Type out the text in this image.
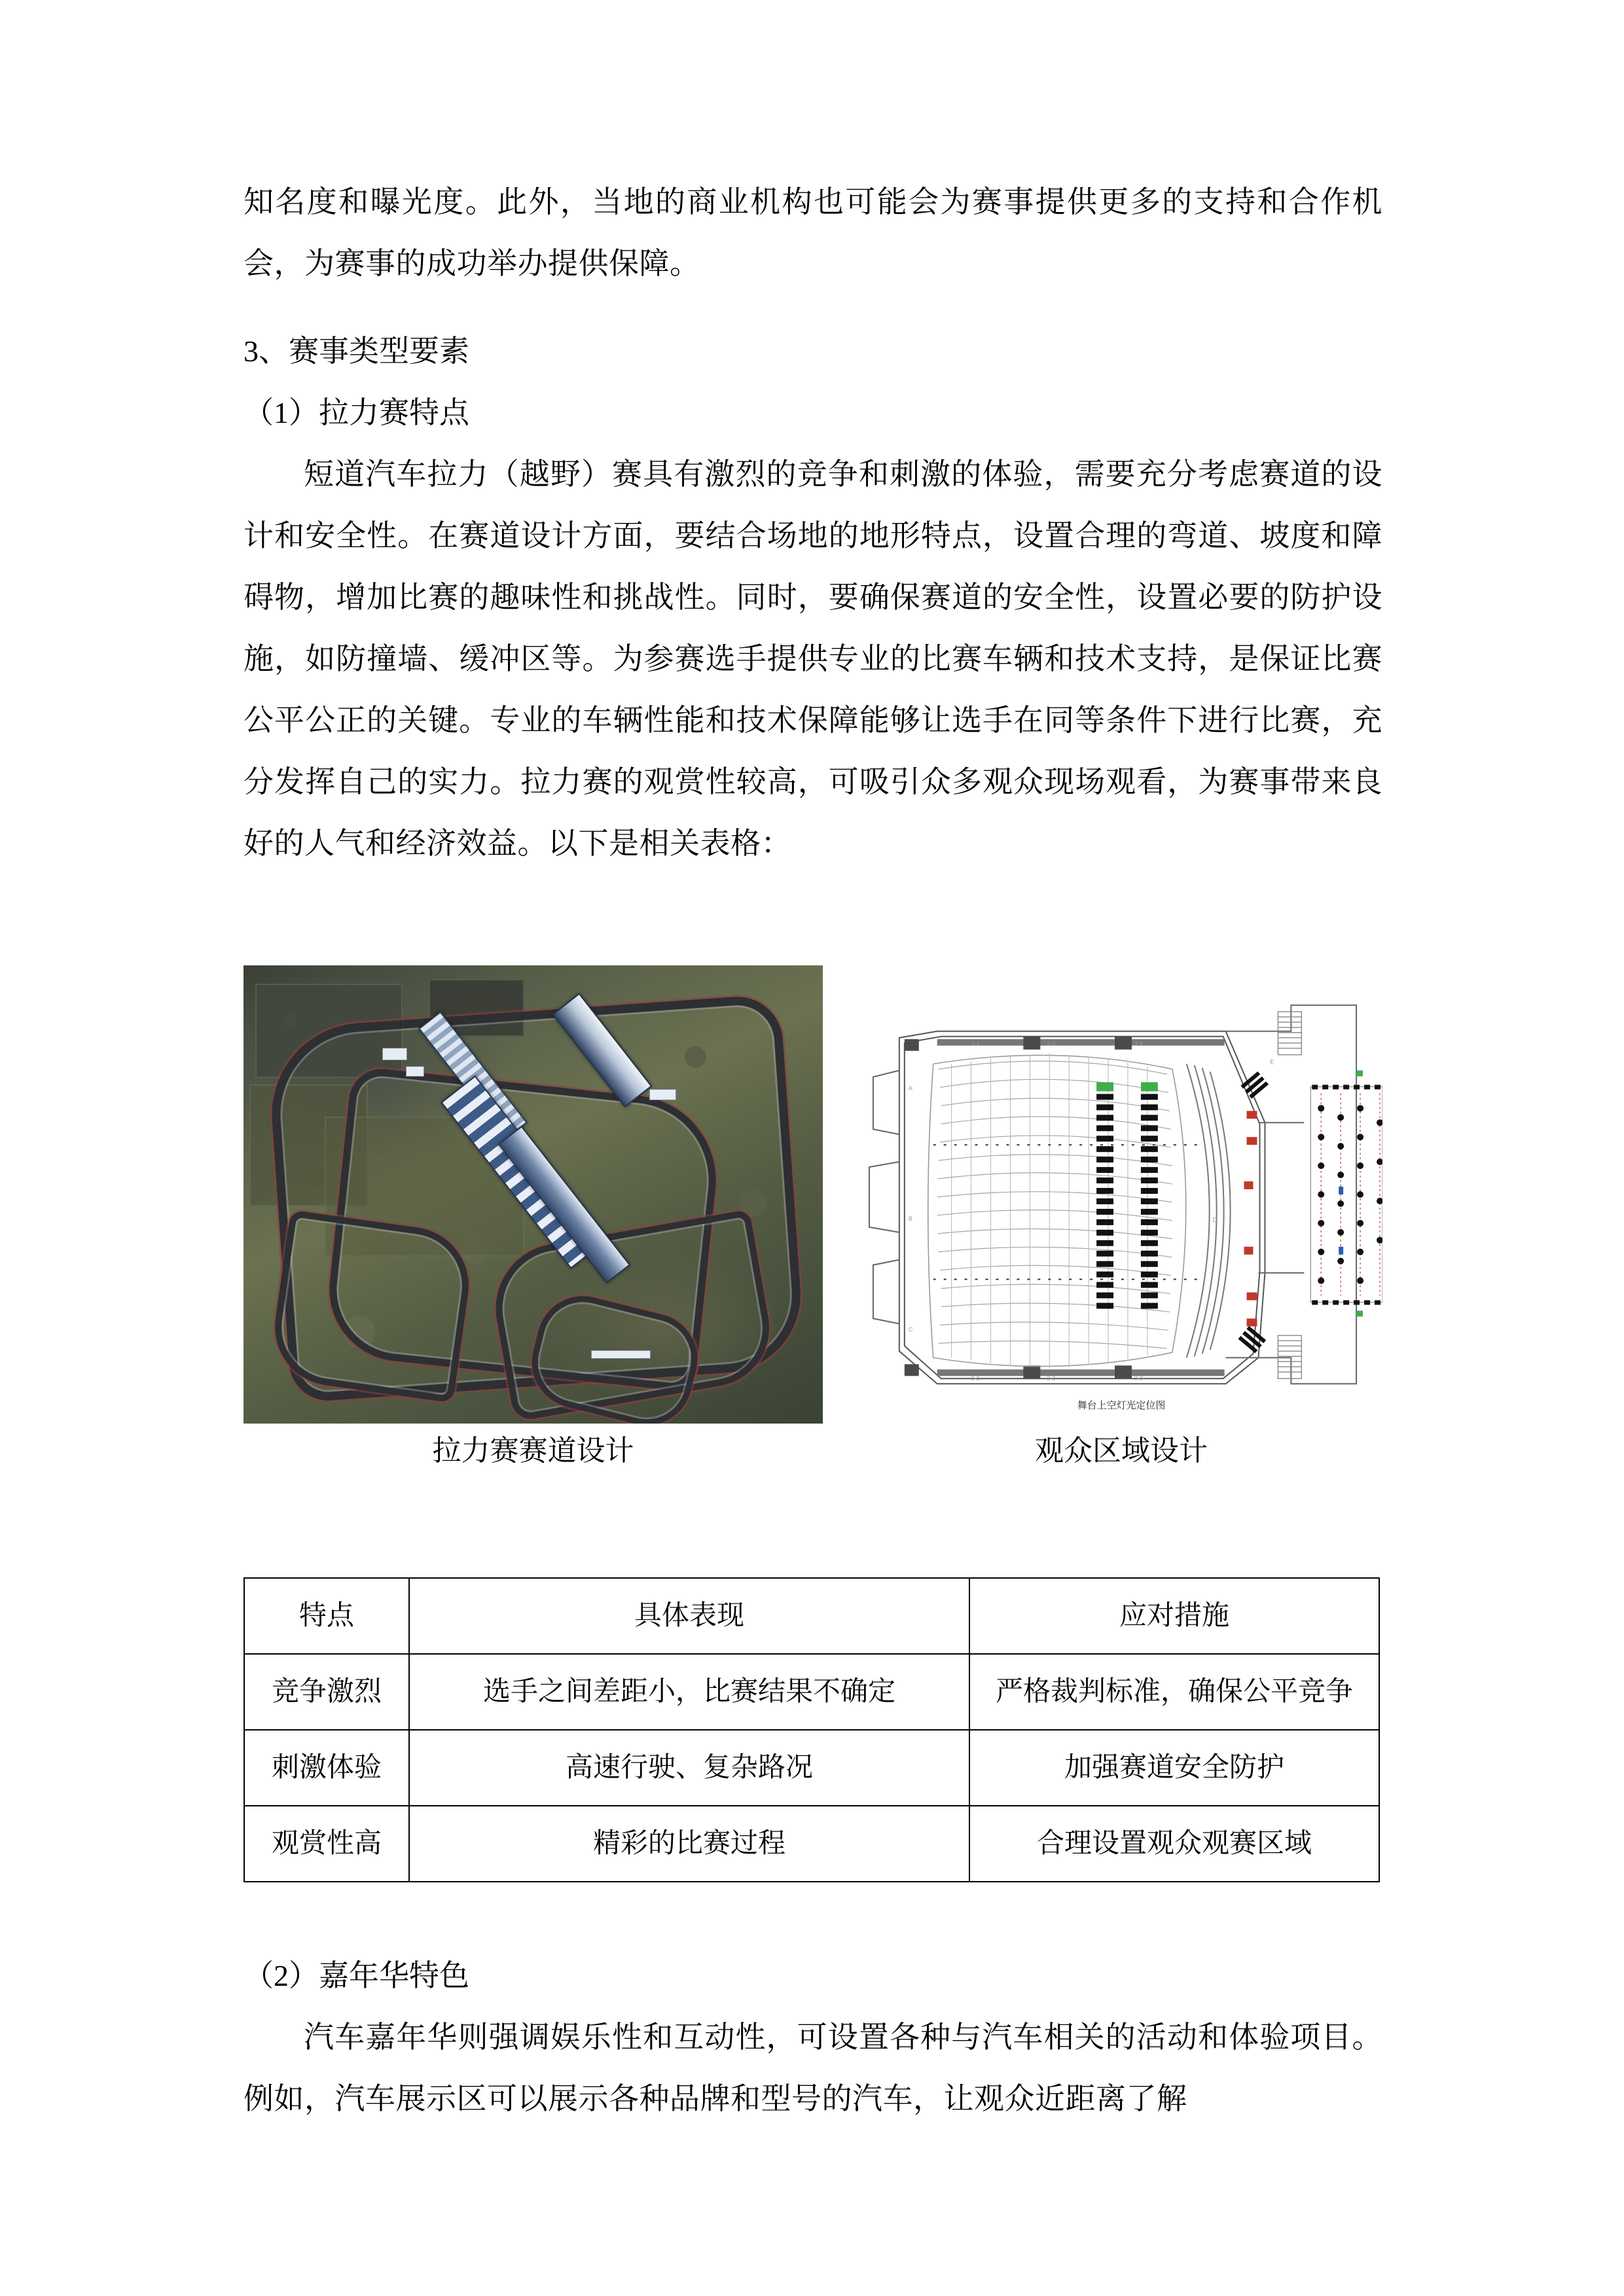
知名度和曝光度。此外，当地的商业机构也可能会为赛事提供更多的支持和合作机会，为赛事的成功举办提供保障。

3、赛事类型要素

（1）拉力赛特点

短道汽车拉力（越野）赛具有激烈的竞争和刺激的体验，需要充分考虑赛道的设计和安全性。在赛道设计方面，要结合场地的地形特点，设置合理的弯道、坡度和障碍物，增加比赛的趣味性和挑战性。同时，要确保赛道的安全性，设置必要的防护设施，如防撞墙、缓冲区等。为参赛选手提供专业的比赛车辆和技术支持，是保证比赛公平公正的关键。专业的车辆性能和技术保障能够让选手在同等条件下进行比赛，充分发挥自己的实力。拉力赛的观赏性较高，可吸引众多观众现场观看，为赛事带来良好的人气和经济效益。以下是相关表格：

拉力赛赛道设计
1-1	2-2	3-3
1-1	2-2	3-3
A
B
C
D
E
舞台上空灯光定位图
观众区域设计
特点	具体表现	应对措施
竞争激烈	选手之间差距小，比赛结果不确定	严格裁判标准，确保公平竞争
刺激体验	高速行驶、复杂路况	加强赛道安全防护
观赏性高	精彩的比赛过程	合理设置观众观赛区域

（2）嘉年华特色

汽车嘉年华则强调娱乐性和互动性，可设置各种与汽车相关的活动和体验项目。例如，汽车展示区可以展示各种品牌和型号的汽车，让观众近距离了解
